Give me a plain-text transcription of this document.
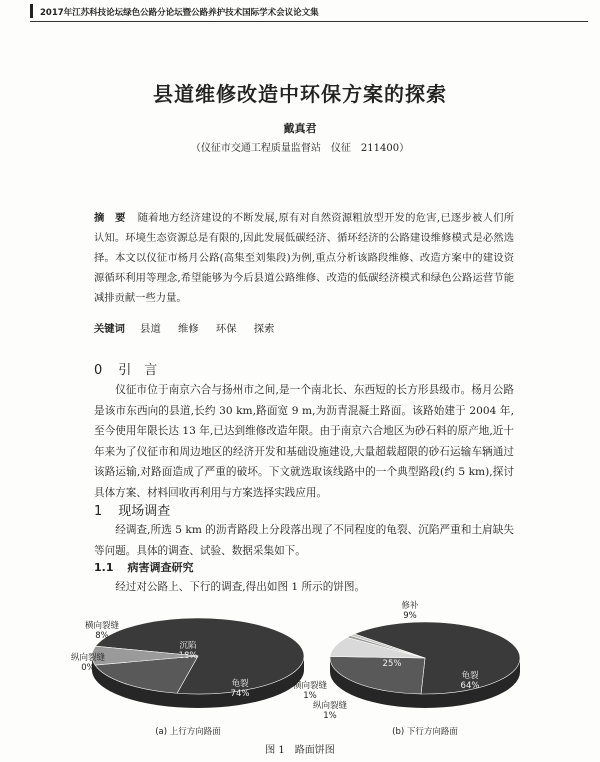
2017年江苏科技论坛绿色公路分论坛暨公路养护技术国际学术会议论文集
县道维修改造中环保方案的探索
戴真君
（仪征市交通工程质量监督站　仪征　211400）
摘　要 随着地方经济建设的不断发展,原有对自然资源粗放型开发的危害,已逐步被人们所认知。环境生态资源总是有限的,因此发展低碳经济、循环经济的公路建设维修模式是必然选择。本文以仪征市杨月公路(高集至刘集段)为例,重点分析该路段维修、改造方案中的建设资源循环利用等理念,希望能够为今后县道公路维修、改造的低碳经济模式和绿色公路运营节能减排贡献一些力量。
关键词 县道 维修 环保 探索
0 引　言
仪征市位于南京六合与扬州市之间,是一个南北长、东西短的长方形县级市。杨月公路是该市东西向的县道,长约 30 km,路面宽 9 m,为沥青混凝土路面。该路始建于 2004 年,至今使用年限长达 13 年,已达到维修改造年限。由于南京六合地区为砂石料的原产地,近十年来为了仪征市和周边地区的经济开发和基础设施建设,大量超载超限的砂石运输车辆通过该路运输,对路面造成了严重的破坏。下文就选取该线路中的一个典型路段(约 5 km),探讨具体方案、材料回收再利用与方案选择实践应用。
1 现场调查
经调查,所选 5 km 的沥青路段上分段落出现了不同程度的龟裂、沉陷严重和土肩缺失等问题。具体的调查、试验、数据采集如下。
1.1 病害调查研究
经过对公路上、下行的调查,得出如图 1 所示的饼图。
龟裂
74%
沉陷
横向裂缝
8%
纵向裂缝
0%
(a) 上行方向路面
龟裂
64%
25%
修补
9%
横向裂缝
1%
纵向裂缝
1%
(b) 下行方向路面
图 1　路面饼图
